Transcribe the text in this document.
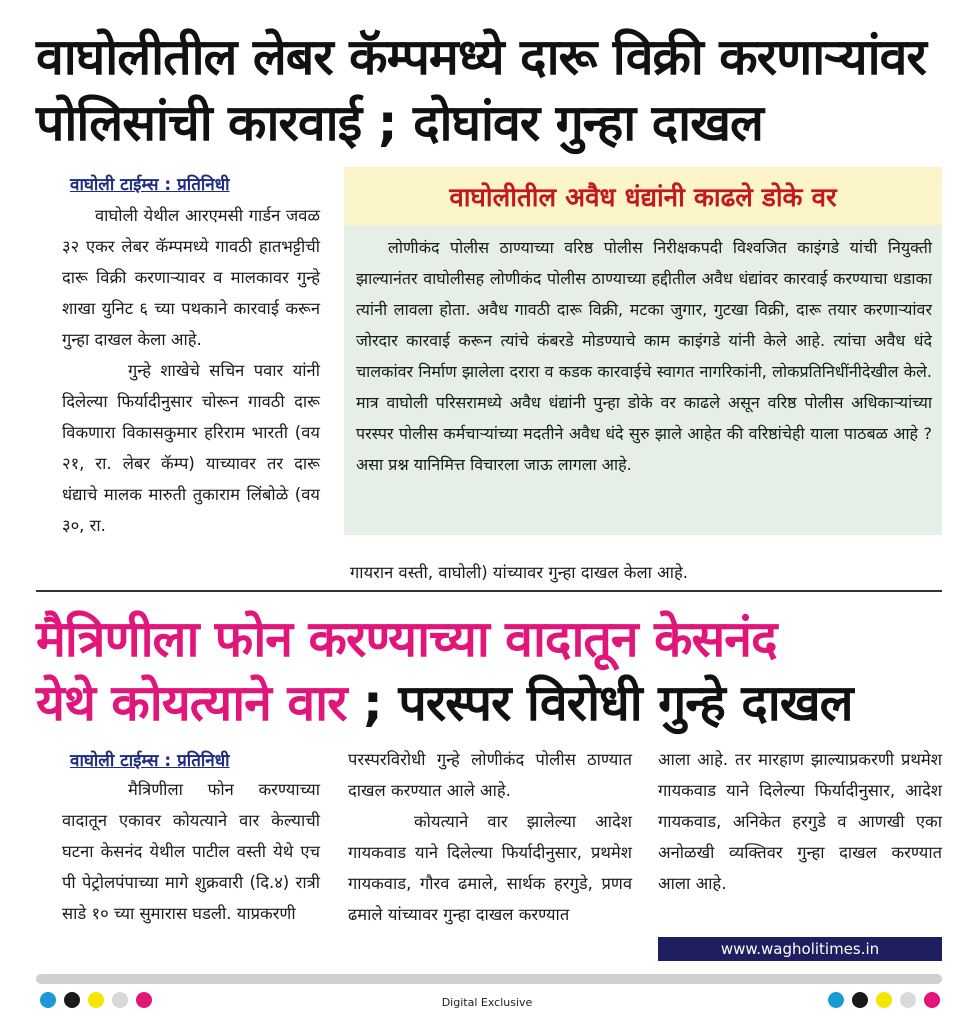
वाघोलीतील लेबर कॅम्पमध्ये दारू विक्री करणाऱ्यांवर
पोलिसांची कारवाई ; दोघांवर गुन्हा दाखल
वाघोली टाईम्स : प्रतिनिधी

वाघोली येथील आरएमसी गार्डन जवळ ३२ एकर लेबर कॅम्पमध्ये गावठी हातभट्टीची दारू विक्री करणाऱ्यावर व मालकावर गुन्हे शाखा युनिट ६ च्या पथकाने कारवाई करून गुन्हा दाखल केला आहे.

गुन्हे शाखेचे सचिन पवार यांनी दिलेल्या फिर्यादीनुसार चोरून गावठी दारू विकणारा विकासकुमार हरिराम भारती (वय २१, रा. लेबर कॅम्प) याच्यावर तर दारू धंद्याचे मालक मारुती तुकाराम लिंबोळे (वय ३०, रा.

वाघोलीतील अवैध धंद्यांनी काढले डोके वर

लोणीकंद पोलीस ठाण्याच्या वरिष्ठ पोलीस निरीक्षकपदी विश्वजित काइंगडे यांची नियुक्ती झाल्यानंतर वाघोलीसह लोणीकंद पोलीस ठाण्याच्या हद्दीतील अवैध धंद्यांवर कारवाई करण्याचा धडाका त्यांनी लावला होता. अवैध गावठी दारू विक्री, मटका जुगार, गुटखा विक्री, दारू तयार करणाऱ्यांवर जोरदार कारवाई करून त्यांचे कंबरडे मोडण्याचे काम काइंगडे यांनी केले आहे. त्यांचा अवैध धंदे चालकांवर निर्माण झालेला दरारा व कडक कारवाईचे स्वागत नागरिकांनी, लोकप्रतिनिधींनीदेखील केले. मात्र वाघोली परिसरामध्ये अवैध धंद्यांनी पुन्हा डोके वर काढले असून वरिष्ठ पोलीस अधिकाऱ्यांच्या परस्पर पोलीस कर्मचाऱ्यांच्या मदतीने अवैध धंदे सुरु झाले आहेत की वरिष्ठांचेही याला पाठबळ आहे ? असा प्रश्न यानिमित्त विचारला जाऊ लागला आहे.

गायरान वस्ती, वाघोली) यांच्यावर गुन्हा दाखल केला आहे.
मैत्रिणीला फोन करण्याच्या वादातून केसनंद
येथे कोयत्याने वार ; परस्पर विरोधी गुन्हे दाखल
वाघोली टाईम्स : प्रतिनिधी

मैत्रिणीला फोन करण्याच्या वादातून एकावर कोयत्याने वार केल्याची घटना केसनंद येथील पाटील वस्ती येथे एच पी पेट्रोलपंपाच्या मागे शुक्रवारी (दि.४) रात्री साडे १० च्या सुमारास घडली. याप्रकरणी

परस्परविरोधी गुन्हे लोणीकंद पोलीस ठाण्यात दाखल करण्यात आले आहे.

कोयत्याने वार झालेल्या आदेश गायकवाड याने दिलेल्या फिर्यादीनुसार, प्रथमेश गायकवाड, गौरव ढमाले, सार्थक हरगुडे, प्रणव ढमाले यांच्यावर गुन्हा दाखल करण्यात

आला आहे. तर मारहाण झाल्याप्रकरणी प्रथमेश गायकवाड याने दिलेल्या फिर्यादीनुसार, आदेश गायकवाड, अनिकेत हरगुडे व आणखी एका अनोळखी व्यक्तिवर गुन्हा दाखल करण्यात आला आहे.

www.wagholitimes.in
Digital Exclusive
